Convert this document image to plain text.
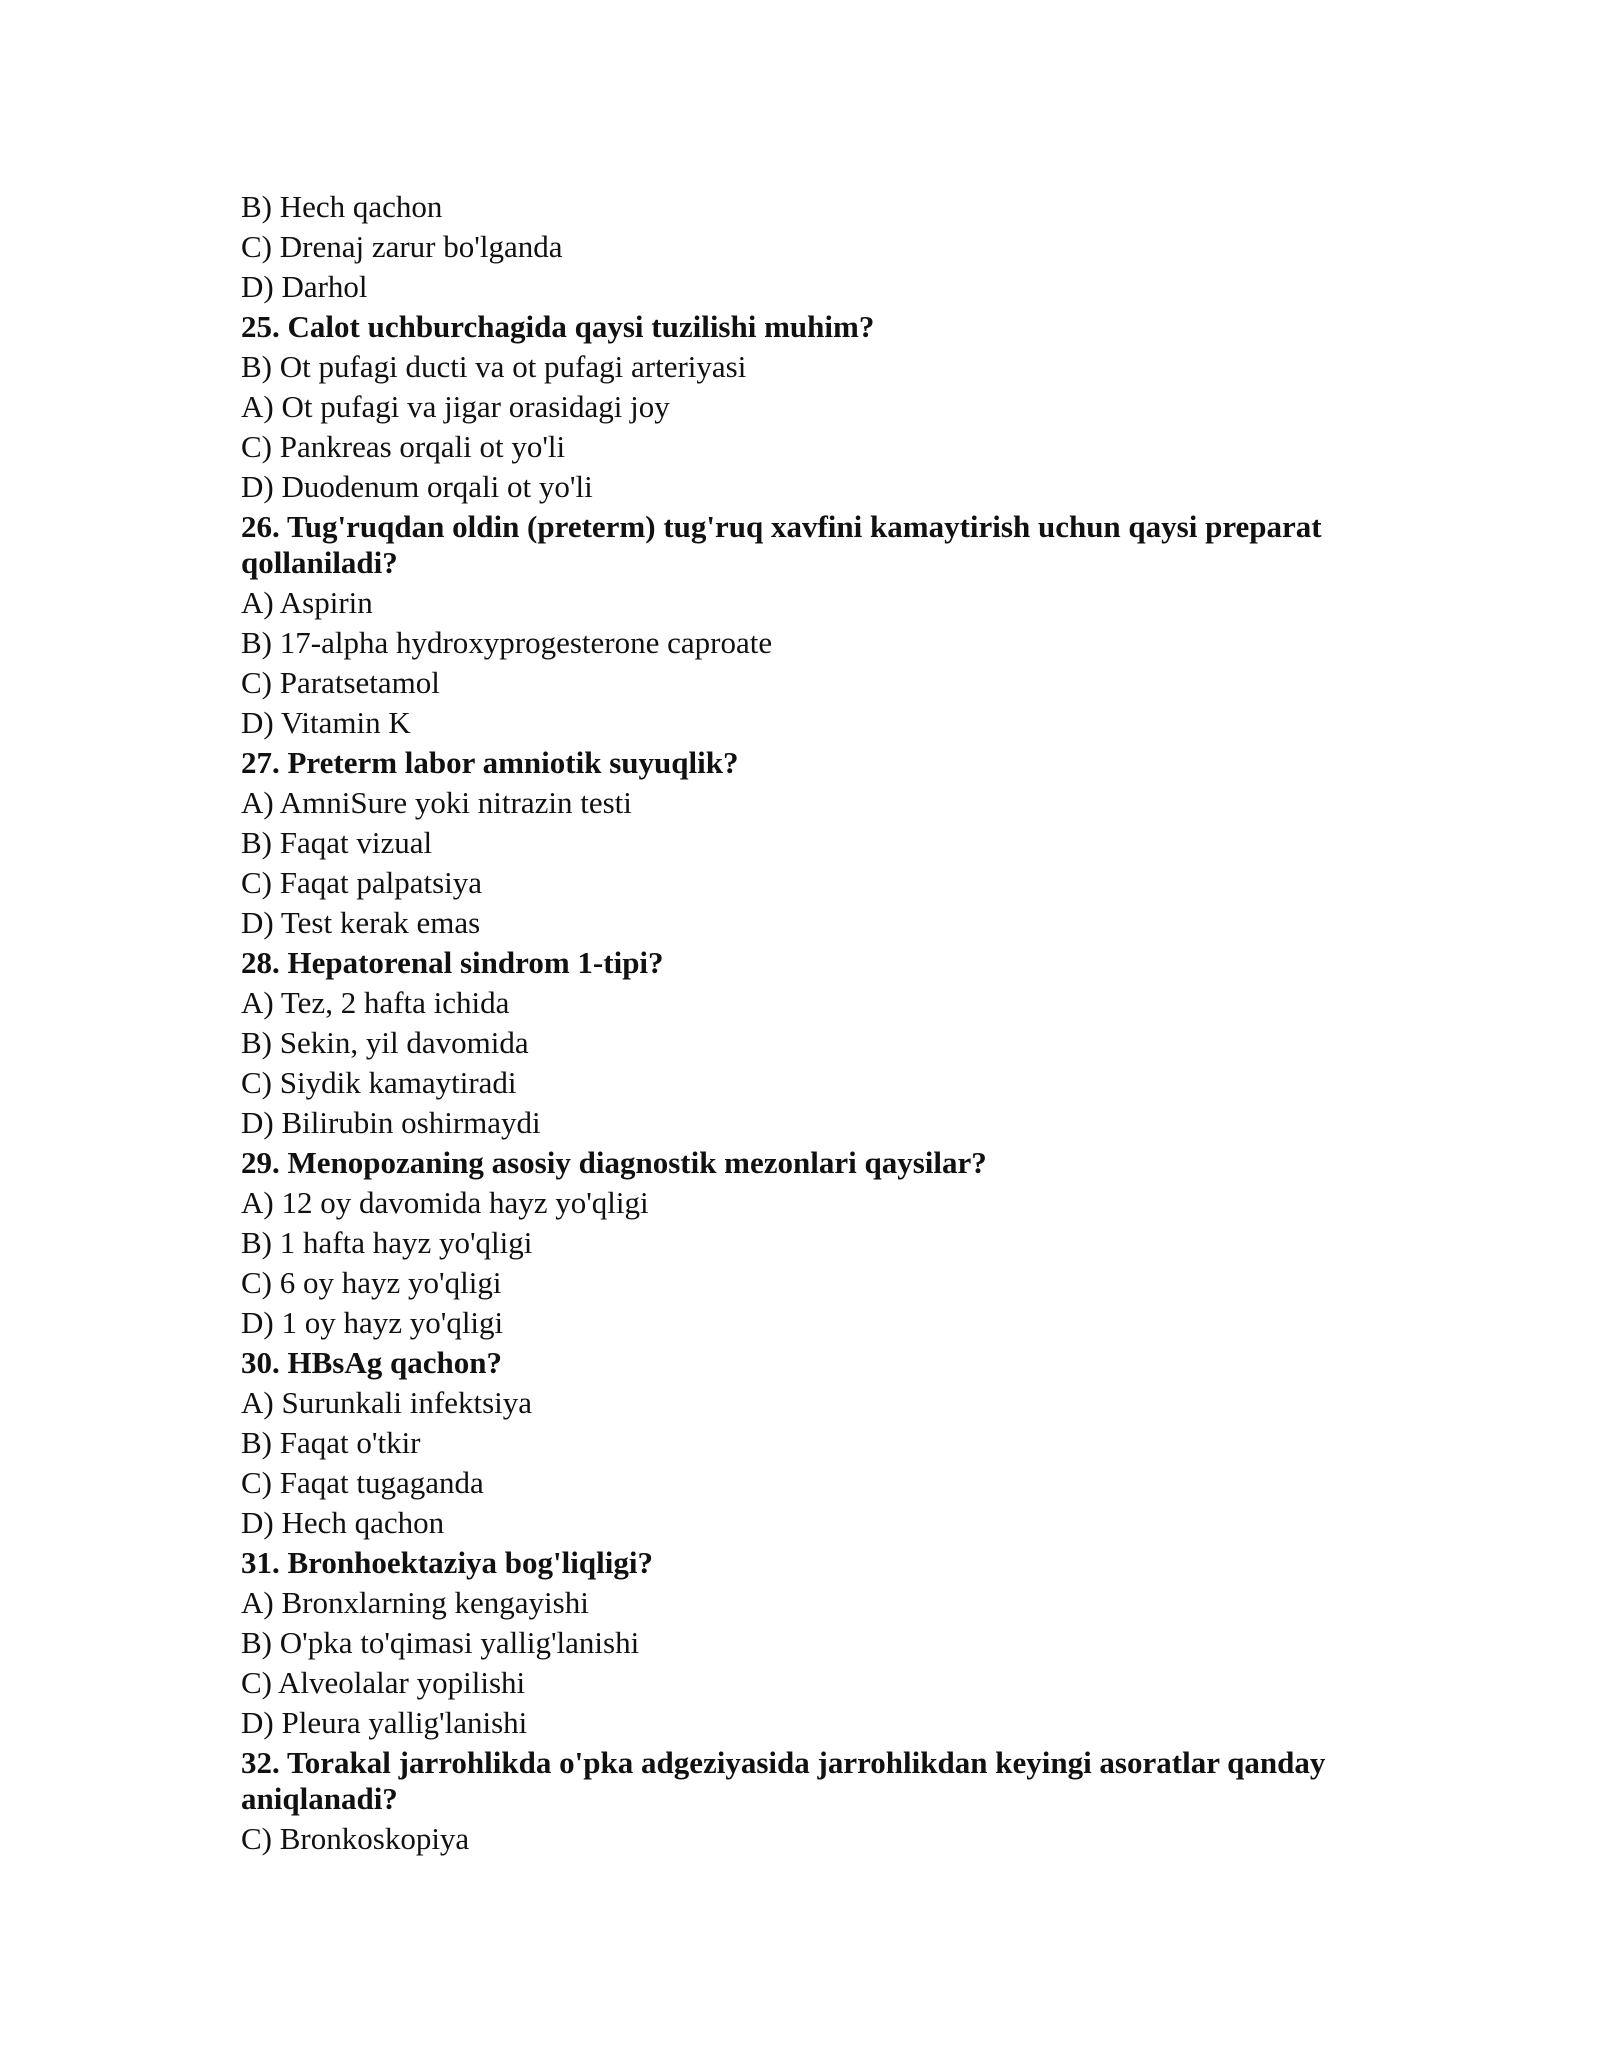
B) Hech qachon
C) Drenaj zarur bo'lganda
D) Darhol
25. Calot uchburchagida qaysi tuzilishi muhim?
B) Ot pufagi ducti va ot pufagi arteriyasi
A) Ot pufagi va jigar orasidagi joy
C) Pankreas orqali ot yo'li
D) Duodenum orqali ot yo'li
26. Tug'ruqdan oldin (preterm) tug'ruq xavfini kamaytirish uchun qaysi preparat qollaniladi?
A) Aspirin
B) 17-alpha hydroxyprogesterone caproate
C) Paratsetamol
D) Vitamin K
27. Preterm labor amniotik suyuqlik?
A) AmniSure yoki nitrazin testi
B) Faqat vizual
C) Faqat palpatsiya
D) Test kerak emas
28. Hepatorenal sindrom 1-tipi?
A) Tez, 2 hafta ichida
B) Sekin, yil davomida
C) Siydik kamaytiradi
D) Bilirubin oshirmaydi
29. Menopozaning asosiy diagnostik mezonlari qaysilar?
A) 12 oy davomida hayz yo'qligi
B) 1 hafta hayz yo'qligi
C) 6 oy hayz yo'qligi
D) 1 oy hayz yo'qligi
30. HBsAg qachon?
A) Surunkali infektsiya
B) Faqat o'tkir
C) Faqat tugaganda
D) Hech qachon
31. Bronhoektaziya bog'liqligi?
A) Bronxlarning kengayishi
B) O'pka to'qimasi yallig'lanishi
C) Alveolalar yopilishi
D) Pleura yallig'lanishi
32. Torakal jarrohlikda o'pka adgeziyasida jarrohlikdan keyingi asoratlar qanday aniqlanadi?
C) Bronkoskopiya
